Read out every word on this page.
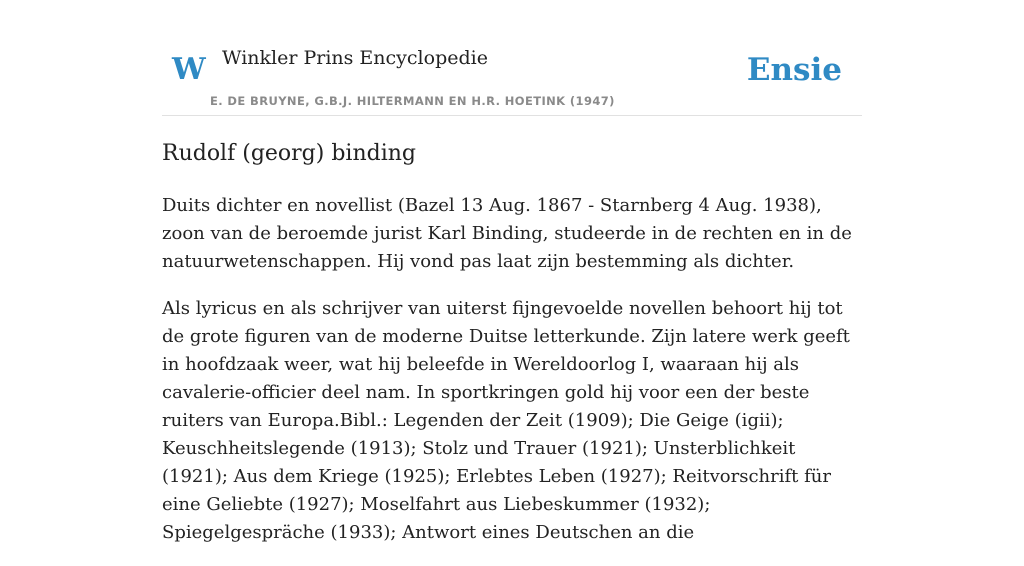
W Winkler Prins Encyclopedie
E. DE BRUYNE, G.B.J. HILTERMANN EN H.R. HOETINK (1947)
Ensie
Rudolf (georg) binding

Duits dichter en novellist (Bazel 13 Aug. 1867 - Starnberg 4 Aug. 1938), zoon van de beroemde jurist Karl Binding, studeerde in de rechten en in de natuurwetenschappen. Hij vond pas laat zijn bestemming als dichter.

Als lyricus en als schrijver van uiterst fijngevoelde novellen behoort hij tot de grote figuren van de moderne Duitse letterkunde. Zijn latere werk geeft in hoofdzaak weer, wat hij beleefde in Wereldoorlog I, waaraan hij als cavalerie-officier deel nam. In sportkringen gold hij voor een der beste ruiters van Europa.Bibl.: Legenden der Zeit (1909); Die Geige (igii); Keuschheitslegende (1913); Stolz und Trauer (1921); Unsterblichkeit (1921); Aus dem Kriege (1925); Erlebtes Leben (1927); Reitvorschrift für eine Geliebte (1927); Moselfahrt aus Liebeskummer (1932); Spiegelgespräche (1933); Antwort eines Deutschen an die
